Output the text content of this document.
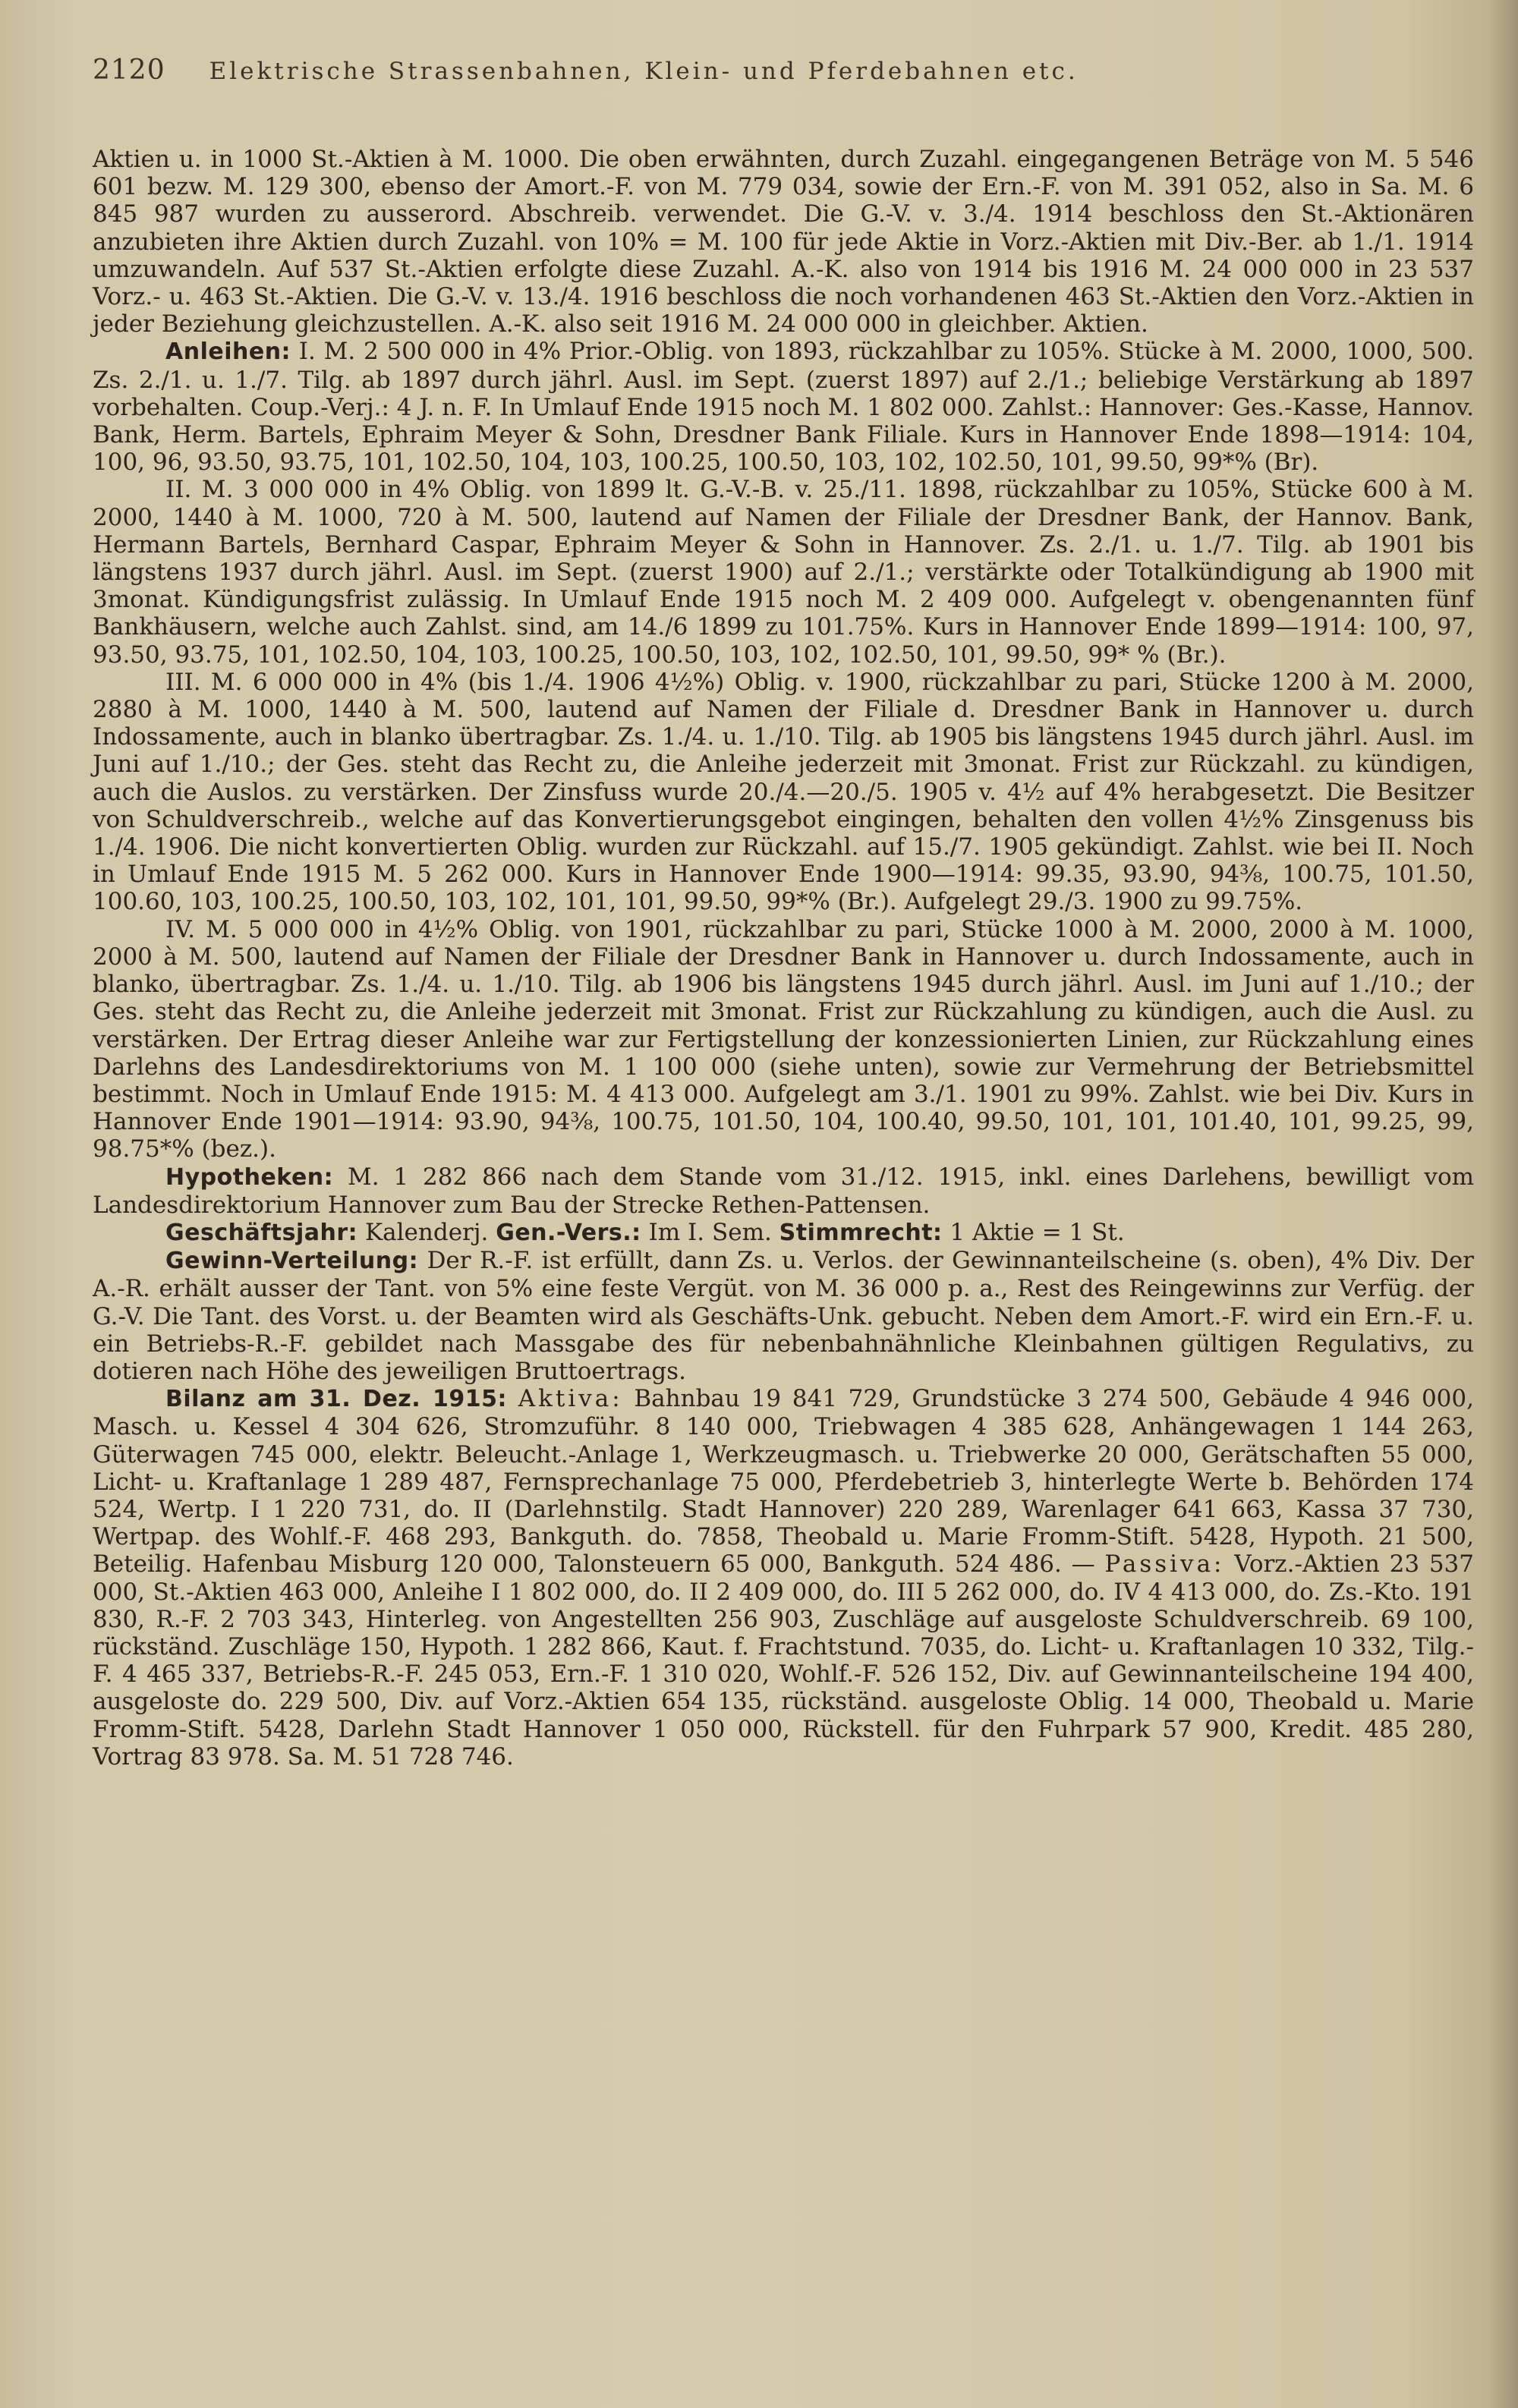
2120 Elektrische Strassenbahnen, Klein- und Pferdebahnen etc.

Aktien u. in 1000 St.-Aktien à M. 1000. Die oben erwähnten, durch Zuzahl. eingegangenen Beträge von M. 5 546 601 bezw. M. 129 300, ebenso der Amort.-F. von M. 779 034, sowie der Ern.-F. von M. 391 052, also in Sa. M. 6 845 987 wurden zu ausserord. Abschreib. verwendet. Die G.-V. v. 3./4. 1914 beschloss den St.-Aktionären anzubieten ihre Aktien durch Zuzahl. von 10% = M. 100 für jede Aktie in Vorz.-Aktien mit Div.-Ber. ab 1./1. 1914 umzuwandeln. Auf 537 St.-Aktien erfolgte diese Zuzahl. A.-K. also von 1914 bis 1916 M. 24 000 000 in 23 537 Vorz.- u. 463 St.-Aktien. Die G.-V. v. 13./4. 1916 beschloss die noch vorhandenen 463 St.-Aktien den Vorz.-Aktien in jeder Beziehung gleichzustellen. A.-K. also seit 1916 M. 24 000 000 in gleichber. Aktien.

Anleihen: I. M. 2 500 000 in 4% Prior.-Oblig. von 1893, rückzahlbar zu 105%. Stücke à M. 2000, 1000, 500. Zs. 2./1. u. 1./7. Tilg. ab 1897 durch jährl. Ausl. im Sept. (zuerst 1897) auf 2./1.; beliebige Verstärkung ab 1897 vorbehalten. Coup.-Verj.: 4 J. n. F. In Umlauf Ende 1915 noch M. 1 802 000. Zahlst.: Hannover: Ges.-Kasse, Hannov. Bank, Herm. Bartels, Ephraim Meyer & Sohn, Dresdner Bank Filiale. Kurs in Hannover Ende 1898—1914: 104, 100, 96, 93.50, 93.75, 101, 102.50, 104, 103, 100.25, 100.50, 103, 102, 102.50, 101, 99.50, 99*% (Br).

II. M. 3 000 000 in 4% Oblig. von 1899 lt. G.-V.-B. v. 25./11. 1898, rückzahlbar zu 105%, Stücke 600 à M. 2000, 1440 à M. 1000, 720 à M. 500, lautend auf Namen der Filiale der Dresdner Bank, der Hannov. Bank, Hermann Bartels, Bernhard Caspar, Ephraim Meyer & Sohn in Hannover. Zs. 2./1. u. 1./7. Tilg. ab 1901 bis längstens 1937 durch jährl. Ausl. im Sept. (zuerst 1900) auf 2./1.; verstärkte oder Totalkündigung ab 1900 mit 3monat. Kündigungsfrist zulässig. In Umlauf Ende 1915 noch M. 2 409 000. Aufgelegt v. obengenannten fünf Bankhäusern, welche auch Zahlst. sind, am 14./6 1899 zu 101.75%. Kurs in Hannover Ende 1899—1914: 100, 97, 93.50, 93.75, 101, 102.50, 104, 103, 100.25, 100.50, 103, 102, 102.50, 101, 99.50, 99* % (Br.).

III. M. 6 000 000 in 4% (bis 1./4. 1906 4½%) Oblig. v. 1900, rückzahlbar zu pari, Stücke 1200 à M. 2000, 2880 à M. 1000, 1440 à M. 500, lautend auf Namen der Filiale d. Dresdner Bank in Hannover u. durch Indossamente, auch in blanko übertragbar. Zs. 1./4. u. 1./10. Tilg. ab 1905 bis längstens 1945 durch jährl. Ausl. im Juni auf 1./10.; der Ges. steht das Recht zu, die Anleihe jederzeit mit 3monat. Frist zur Rückzahl. zu kündigen, auch die Auslos. zu verstärken. Der Zinsfuss wurde 20./4.—20./5. 1905 v. 4½ auf 4% herabgesetzt. Die Besitzer von Schuldverschreib., welche auf das Konvertierungsgebot eingingen, behalten den vollen 4½% Zinsgenuss bis 1./4. 1906. Die nicht konvertierten Oblig. wurden zur Rückzahl. auf 15./7. 1905 gekündigt. Zahlst. wie bei II. Noch in Umlauf Ende 1915 M. 5 262 000. Kurs in Hannover Ende 1900—1914: 99.35, 93.90, 94⅜, 100.75, 101.50, 100.60, 103, 100.25, 100.50, 103, 102, 101, 101, 99.50, 99*% (Br.). Aufgelegt 29./3. 1900 zu 99.75%.

IV. M. 5 000 000 in 4½% Oblig. von 1901, rückzahlbar zu pari, Stücke 1000 à M. 2000, 2000 à M. 1000, 2000 à M. 500, lautend auf Namen der Filiale der Dresdner Bank in Hannover u. durch Indossamente, auch in blanko, übertragbar. Zs. 1./4. u. 1./10. Tilg. ab 1906 bis längstens 1945 durch jährl. Ausl. im Juni auf 1./10.; der Ges. steht das Recht zu, die Anleihe jederzeit mit 3monat. Frist zur Rückzahlung zu kündigen, auch die Ausl. zu verstärken. Der Ertrag dieser Anleihe war zur Fertigstellung der konzessionierten Linien, zur Rückzahlung eines Darlehns des Landesdirektoriums von M. 1 100 000 (siehe unten), sowie zur Vermehrung der Betriebsmittel bestimmt. Noch in Umlauf Ende 1915: M. 4 413 000. Aufgelegt am 3./1. 1901 zu 99%. Zahlst. wie bei Div. Kurs in Hannover Ende 1901—1914: 93.90, 94⅜, 100.75, 101.50, 104, 100.40, 99.50, 101, 101, 101.40, 101, 99.25, 99, 98.75*% (bez.).

Hypotheken: M. 1 282 866 nach dem Stande vom 31./12. 1915, inkl. eines Darlehens, bewilligt vom Landesdirektorium Hannover zum Bau der Strecke Rethen-Pattensen.

Geschäftsjahr: Kalenderj. Gen.-Vers.: Im I. Sem. Stimmrecht: 1 Aktie = 1 St.

Gewinn-Verteilung: Der R.-F. ist erfüllt, dann Zs. u. Verlos. der Gewinnanteilscheine (s. oben), 4% Div. Der A.-R. erhält ausser der Tant. von 5% eine feste Vergüt. von M. 36 000 p. a., Rest des Reingewinns zur Verfüg. der G.-V. Die Tant. des Vorst. u. der Beamten wird als Geschäfts-Unk. gebucht. Neben dem Amort.-F. wird ein Ern.-F. u. ein Betriebs-R.-F. gebildet nach Massgabe des für nebenbahnähnliche Kleinbahnen gültigen Regulativs, zu dotieren nach Höhe des jeweiligen Bruttoertrags.

Bilanz am 31. Dez. 1915: Aktiva: Bahnbau 19 841 729, Grundstücke 3 274 500, Gebäude 4 946 000, Masch. u. Kessel 4 304 626, Stromzuführ. 8 140 000, Triebwagen 4 385 628, Anhängewagen 1 144 263, Güterwagen 745 000, elektr. Beleucht.-Anlage 1, Werkzeugmasch. u. Triebwerke 20 000, Gerätschaften 55 000, Licht- u. Kraftanlage 1 289 487, Fernsprechanlage 75 000, Pferdebetrieb 3, hinterlegte Werte b. Behörden 174 524, Wertp. I 1 220 731, do. II (Darlehnstilg. Stadt Hannover) 220 289, Warenlager 641 663, Kassa 37 730, Wertpap. des Wohlf.-F. 468 293, Bankguth. do. 7858, Theobald u. Marie Fromm-Stift. 5428, Hypoth. 21 500, Beteilig. Hafenbau Misburg 120 000, Talonsteuern 65 000, Bankguth. 524 486. — Passiva: Vorz.-Aktien 23 537 000, St.-Aktien 463 000, Anleihe I 1 802 000, do. II 2 409 000, do. III 5 262 000, do. IV 4 413 000, do. Zs.-Kto. 191 830, R.-F. 2 703 343, Hinterleg. von Angestellten 256 903, Zuschläge auf ausgeloste Schuldverschreib. 69 100, rückständ. Zuschläge 150, Hypoth. 1 282 866, Kaut. f. Frachtstund. 7035, do. Licht- u. Kraftanlagen 10 332, Tilg.-F. 4 465 337, Betriebs-R.-F. 245 053, Ern.-F. 1 310 020, Wohlf.-F. 526 152, Div. auf Gewinnanteilscheine 194 400, ausgeloste do. 229 500, Div. auf Vorz.-Aktien 654 135, rückständ. ausgeloste Oblig. 14 000, Theobald u. Marie Fromm-Stift. 5428, Darlehn Stadt Hannover 1 050 000, Rückstell. für den Fuhrpark 57 900, Kredit. 485 280, Vortrag 83 978. Sa. M. 51 728 746.
